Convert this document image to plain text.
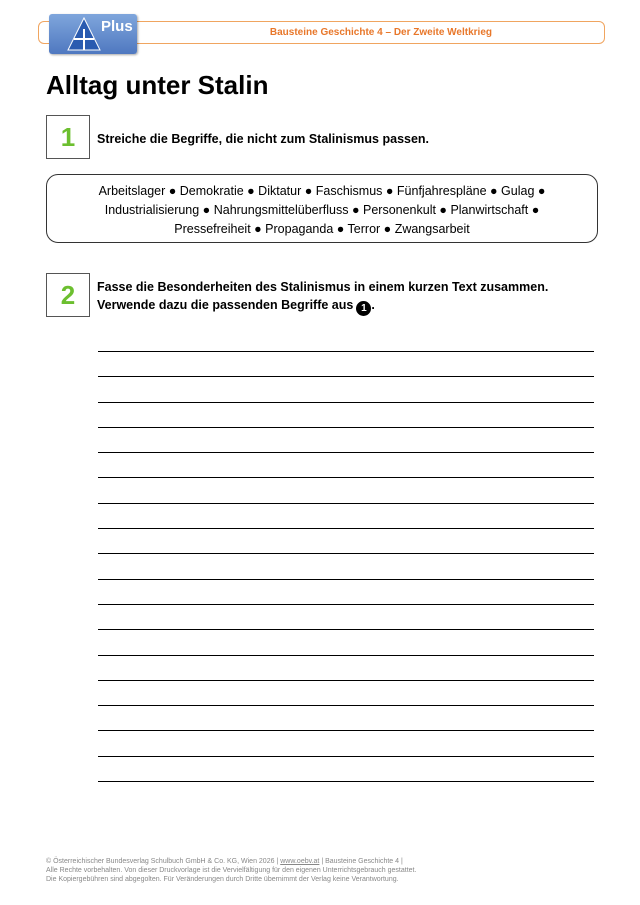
Bausteine Geschichte 4 – Der Zweite Weltkrieg
Plus
Alltag unter Stalin
1	Streiche die Begriffe, die nicht zum Stalinismus passen.
Arbeitslager ● Demokratie ● Diktatur ● Faschismus ● Fünfjahrespläne ● Gulag ●
Industrialisierung ● Nahrungsmittelüberfluss ● Personenkult ● Planwirtschaft ●
Pressefreiheit ● Propaganda ● Terror ● Zwangsarbeit
2	Fasse die Besonderheiten des Stalinismus in einem kurzen Text zusammen.
Verwende dazu die passenden Begriffe aus 1 .
© Österreichischer Bundesverlag Schulbuch GmbH & Co. KG, Wien 2026 | www.oebv.at | Bausteine Geschichte 4 |
Alle Rechte vorbehalten. Von dieser Druckvorlage ist die Vervielfältigung für den eigenen Unterrichtsgebrauch gestattet.
Die Kopiergebühren sind abgegolten. Für Veränderungen durch Dritte übernimmt der Verlag keine Verantwortung.
